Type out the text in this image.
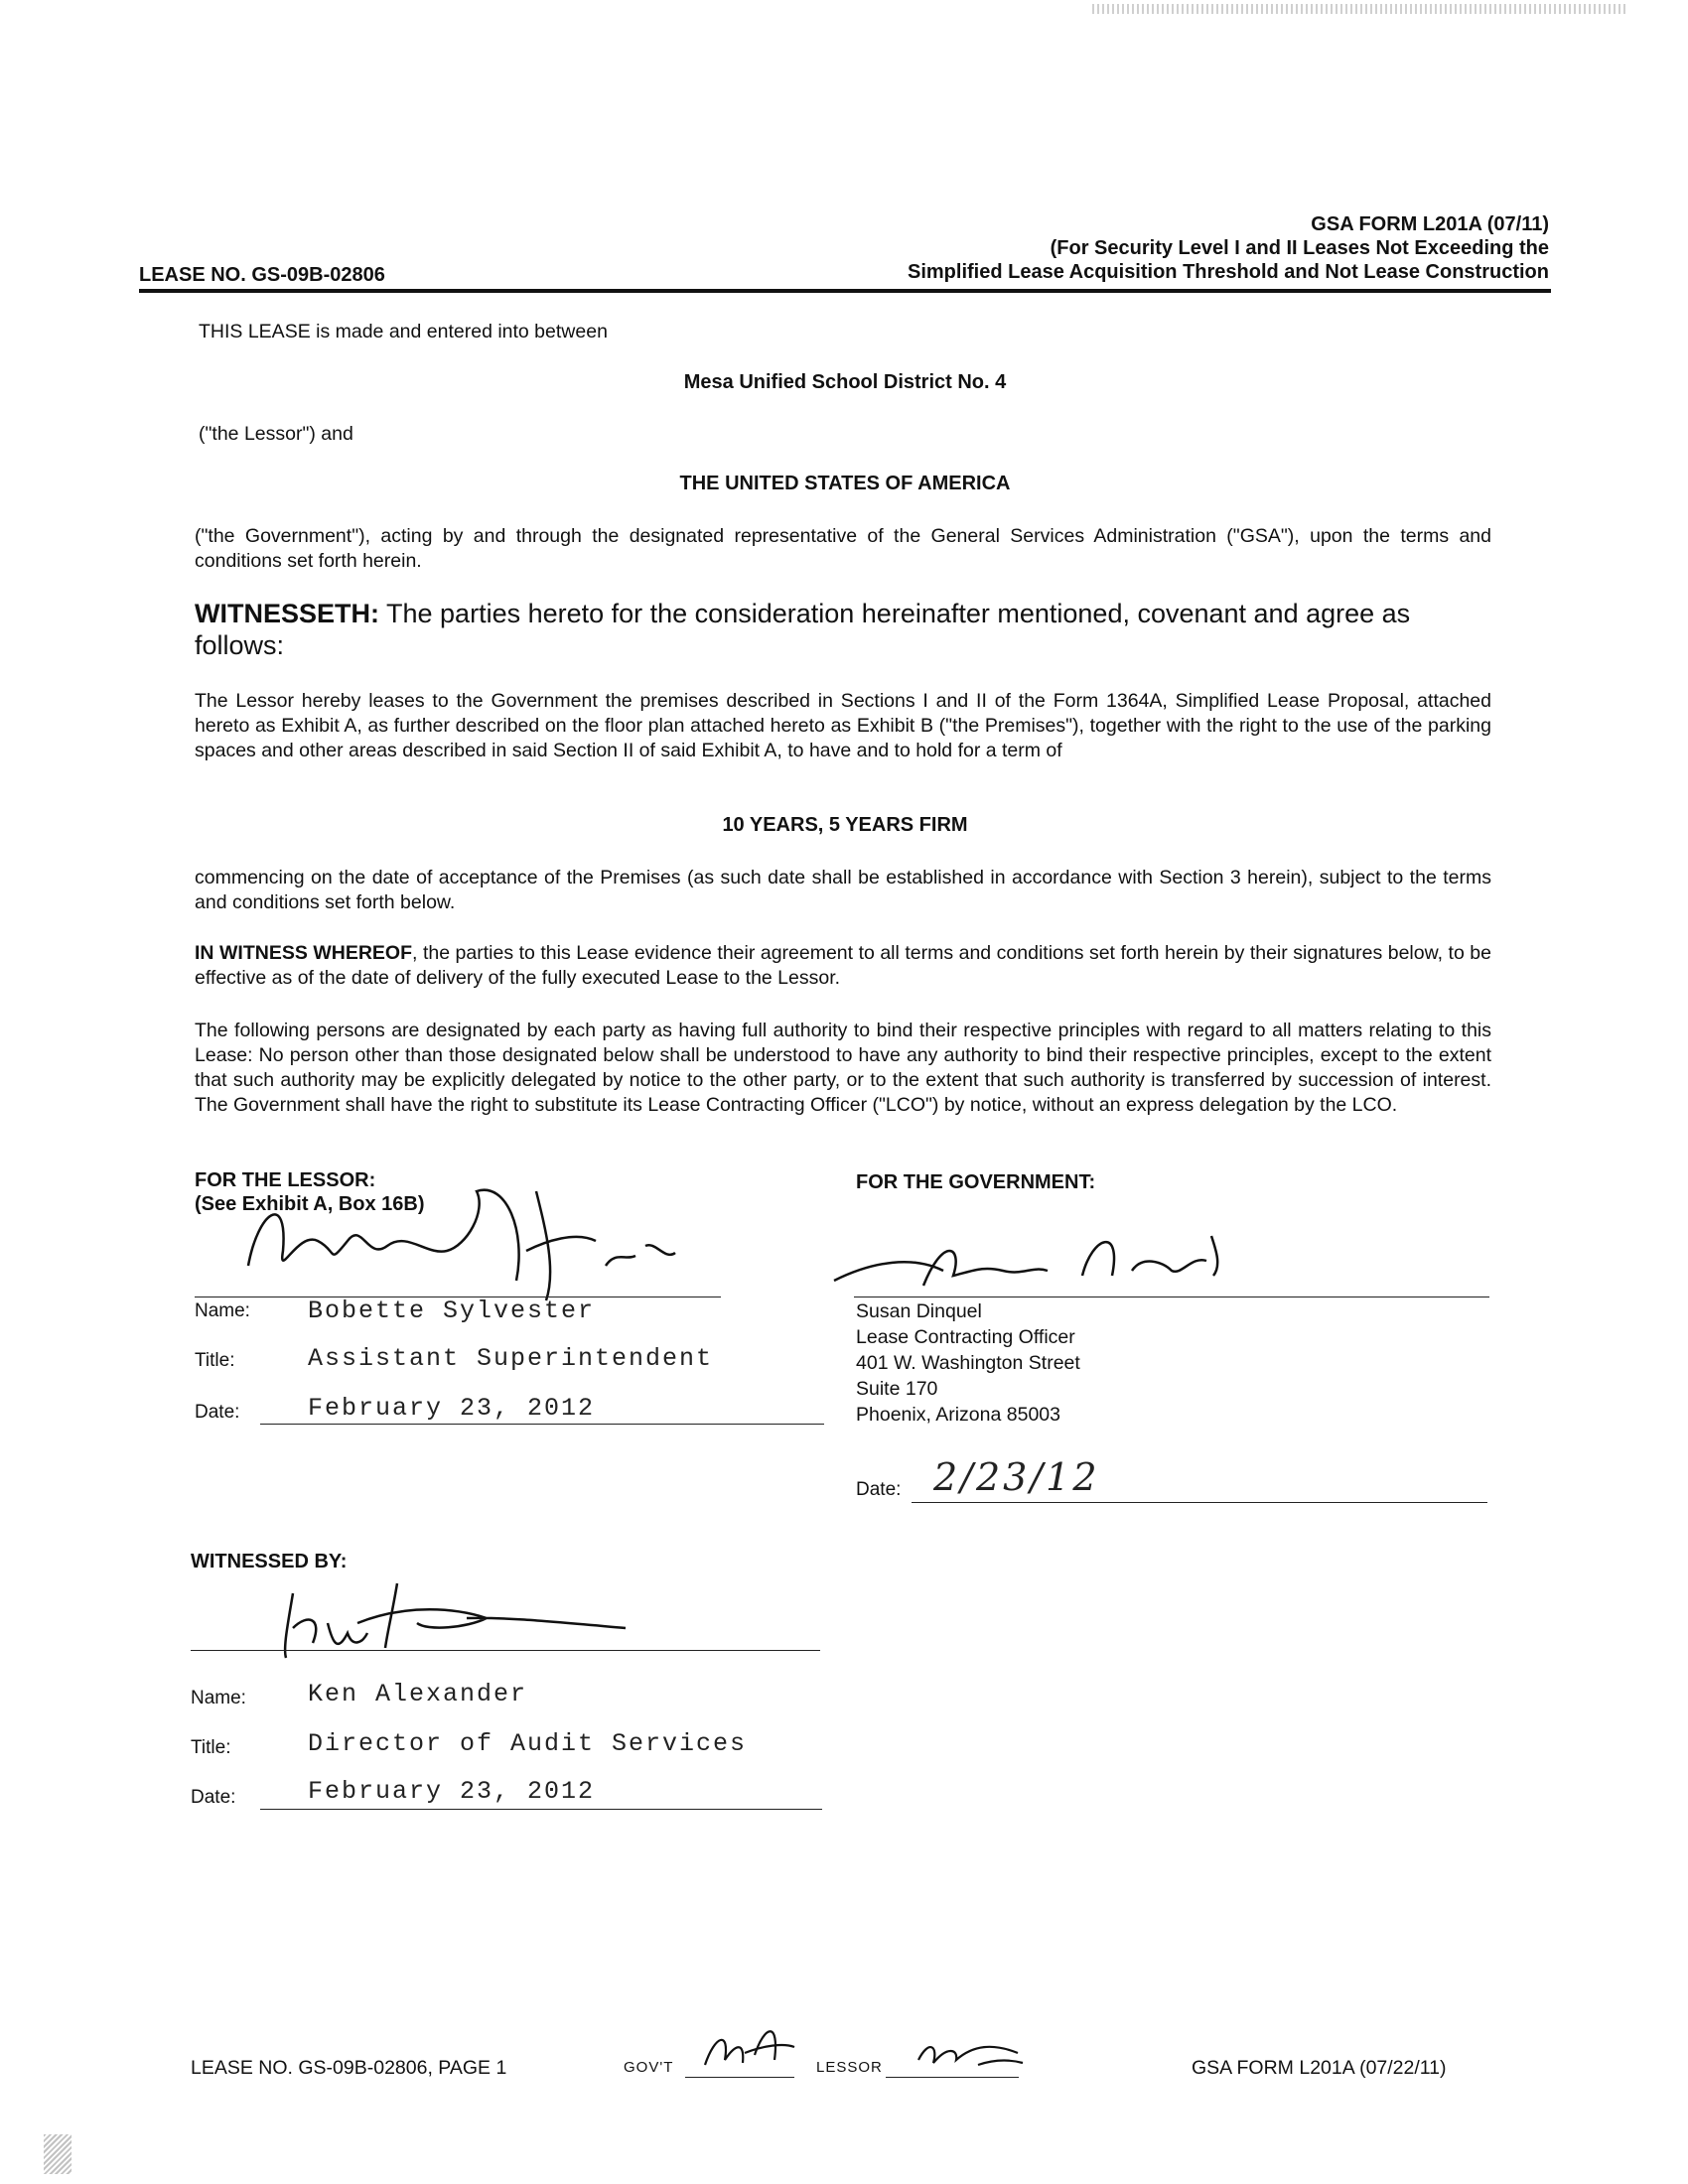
GSA FORM L201A (07/11)
(For Security Level I and II Leases Not Exceeding the
Simplified Lease Acquisition Threshold and Not Lease Construction
LEASE NO. GS-09B-02806
THIS LEASE is made and entered into between
Mesa Unified School District No. 4
("the Lessor") and
THE UNITED STATES OF AMERICA
("the Government"), acting by and through the designated representative of the General Services Administration ("GSA"), upon the terms and conditions set forth herein.
WITNESSETH: The parties hereto for the consideration hereinafter mentioned, covenant and agree as follows:
The Lessor hereby leases to the Government the premises described in Sections I and II of the Form 1364A, Simplified Lease Proposal, attached hereto as Exhibit A, as further described on the floor plan attached hereto as Exhibit B ("the Premises"), together with the right to the use of the parking spaces and other areas described in said Section II of said Exhibit A, to have and to hold for a term of
10 YEARS, 5 YEARS FIRM
commencing on the date of acceptance of the Premises (as such date shall be established in accordance with Section 3 herein), subject to the terms and conditions set forth below.
IN WITNESS WHEREOF, the parties to this Lease evidence their agreement to all terms and conditions set forth herein by their signatures below, to be effective as of the date of delivery of the fully executed Lease to the Lessor.
The following persons are designated by each party as having full authority to bind their respective principles with regard to all matters relating to this Lease: No person other than those designated below shall be understood to have any authority to bind their respective principles, except to the extent that such authority may be explicitly delegated by notice to the other party, or to the extent that such authority is transferred by succession of interest. The Government shall have the right to substitute its Lease Contracting Officer ("LCO") by notice, without an express delegation by the LCO.
FOR THE LESSOR:
(See Exhibit A, Box 16B)
Name: Bobette Sylvester
Title:	Assistant Superintendent
Date:	February 23, 2012
FOR THE GOVERNMENT:
Susan Dinquel
Lease Contracting Officer
401 W. Washington Street
Suite 170
Phoenix, Arizona 85003
Date: 2/23/12
WITNESSED BY:
Name: Ken Alexander
Title:	Director of Audit Services
Date:	February 23, 2012
LEASE NO. GS-09B-02806, PAGE 1	GOV'T	LESSOR	GSA FORM L201A (07/22/11)
